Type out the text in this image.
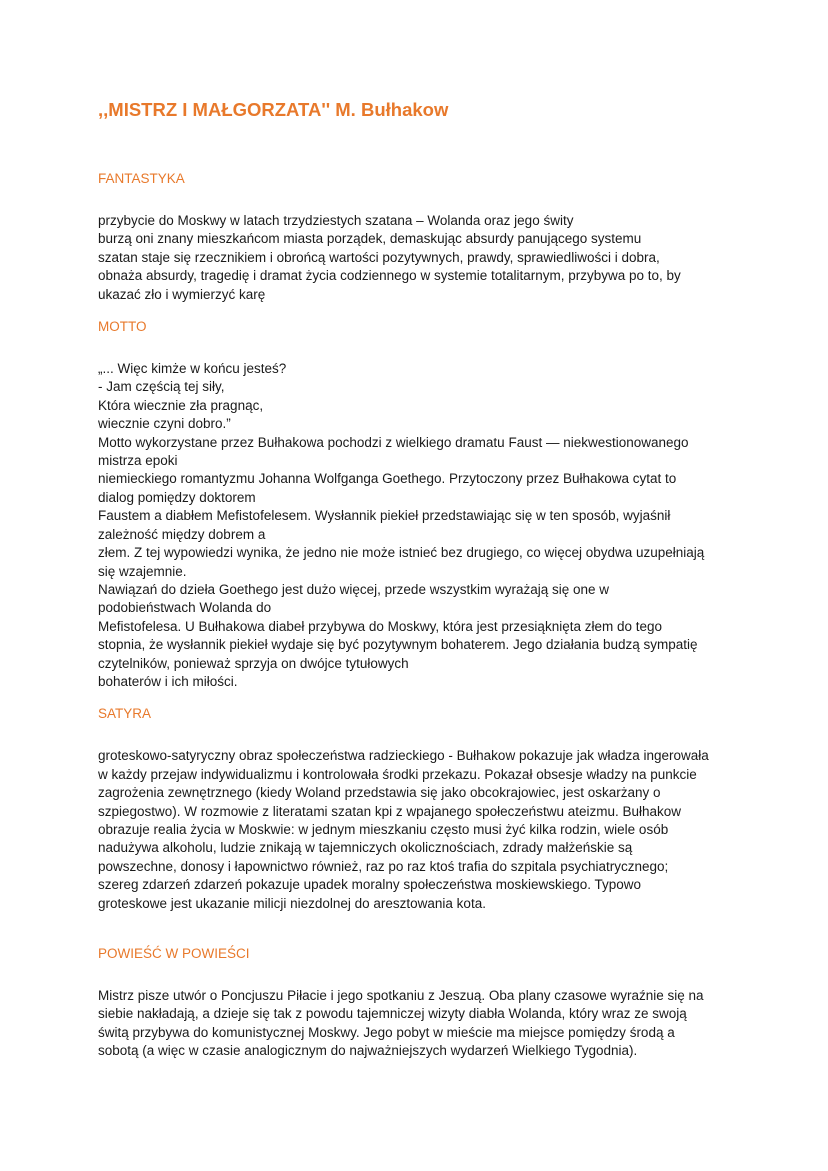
,,MISTRZ I MAŁGORZATA'' M. Bułhakow
FANTASTYKA
przybycie do Moskwy w latach trzydziestych szatana – Wolanda oraz jego świty
burzą oni znany mieszkańcom miasta porządek, demaskując absurdy panującego systemu
szatan staje się rzecznikiem i obrońcą wartości pozytywnych, prawdy, sprawiedliwości i dobra,
obnaża absurdy, tragedię i dramat życia codziennego w systemie totalitarnym, przybywa po to, by
ukazać zło i wymierzyć karę
MOTTO
„... Więc kimże w końcu jesteś?
- Jam częścią tej siły,
Która wiecznie zła pragnąc,
wiecznie czyni dobro.”
Motto wykorzystane przez Bułhakowa pochodzi z wielkiego dramatu Faust — niekwestionowanego
mistrza epoki
niemieckiego romantyzmu Johanna Wolfganga Goethego. Przytoczony przez Bułhakowa cytat to
dialog pomiędzy doktorem
Faustem a diabłem Mefistofelesem. Wysłannik piekieł przedstawiając się w ten sposób, wyjaśnił
zależność między dobrem a
złem. Z tej wypowiedzi wynika, że jedno nie może istnieć bez drugiego, co więcej obydwa uzupełniają
się wzajemnie.
Nawiązań do dzieła Goethego jest dużo więcej, przede wszystkim wyrażają się one w
podobieństwach Wolanda do
Mefistofelesa. U Bułhakowa diabeł przybywa do Moskwy, która jest przesiąknięta złem do tego
stopnia, że wysłannik piekieł wydaje się być pozytywnym bohaterem. Jego działania budzą sympatię
czytelników, ponieważ sprzyja on dwójce tytułowych
bohaterów i ich miłości.
SATYRA
groteskowo-satyryczny obraz społeczeństwa radzieckiego - Bułhakow pokazuje jak władza ingerowała
w każdy przejaw indywidualizmu i kontrolowała środki przekazu. Pokazał obsesje władzy na punkcie
zagrożenia zewnętrznego (kiedy Woland przedstawia się jako obcokrajowiec, jest oskarżany o
szpiegostwo). W rozmowie z literatami szatan kpi z wpajanego społeczeństwu ateizmu. Bułhakow
obrazuje realia życia w Moskwie: w jednym mieszkaniu często musi żyć kilka rodzin, wiele osób
nadużywa alkoholu, ludzie znikają w tajemniczych okolicznościach, zdrady małżeńskie są
powszechne, donosy i łapownictwo również, raz po raz ktoś trafia do szpitala psychiatrycznego;
szereg zdarzeń zdarzeń pokazuje upadek moralny społeczeństwa moskiewskiego. Typowo
groteskowe jest ukazanie milicji niezdolnej do aresztowania kota.
POWIEŚĆ W POWIEŚCI
Mistrz pisze utwór o Poncjuszu Piłacie i jego spotkaniu z Jeszuą. Oba plany czasowe wyraźnie się na
siebie nakładają, a dzieje się tak z powodu tajemniczej wizyty diabła Wolanda, który wraz ze swoją
świtą przybywa do komunistycznej Moskwy. Jego pobyt w mieście ma miejsce pomiędzy środą a
sobotą (a więc w czasie analogicznym do najważniejszych wydarzeń Wielkiego Tygodnia).
